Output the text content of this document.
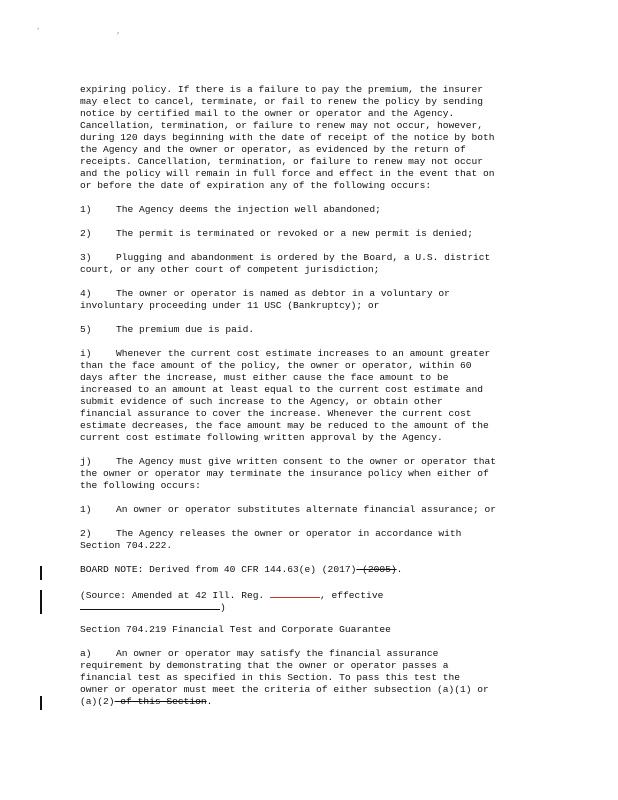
' ,
expiring policy. If there is a failure to pay the premium, the insurer
may elect to cancel, terminate, or fail to renew the policy by sending
notice by certified mail to the owner or operator and the Agency.
Cancellation, termination, or failure to renew may not occur, however,
during 120 days beginning with the date of receipt of the notice by both
the Agency and the owner or operator, as evidenced by the return of
receipts. Cancellation, termination, or failure to renew may not occur
and the policy will remain in full force and effect in the event that on
or before the date of expiration any of the following occurs:
1)	The Agency deems the injection well abandoned;
2)	The permit is terminated or revoked or a new permit is denied;
3)	Plugging and abandonment is ordered by the Board, a U.S. district
court, or any other court of competent jurisdiction;
4)	The owner or operator is named as debtor in a voluntary or
involuntary proceeding under 11 USC (Bankruptcy); or
5)	The premium due is paid.
i)	Whenever the current cost estimate increases to an amount greater
than the face amount of the policy, the owner or operator, within 60
days after the increase, must either cause the face amount to be
increased to an amount at least equal to the current cost estimate and
submit evidence of such increase to the Agency, or obtain other
financial assurance to cover the increase. Whenever the current cost
estimate decreases, the face amount may be reduced to the amount of the
current cost estimate following written approval by the Agency.
j)	The Agency must give written consent to the owner or operator that
the owner or operator may terminate the insurance policy when either of
the following occurs:
1)	An owner or operator substitutes alternate financial assurance; or
2)	The Agency releases the owner or operator in accordance with
Section 704.222.
BOARD NOTE: Derived from 40 CFR 144.63(e) (2017) (2005).
(Source: Amended at 42 Ill. Reg.	, effective
)
Section 704.219 Financial Test and Corporate Guarantee
a)	An owner or operator may satisfy the financial assurance
requirement by demonstrating that the owner or operator passes a
financial test as specified in this Section. To pass this test the
owner or operator must meet the criteria of either subsection (a)(1) or
(a)(2) of this Section.
